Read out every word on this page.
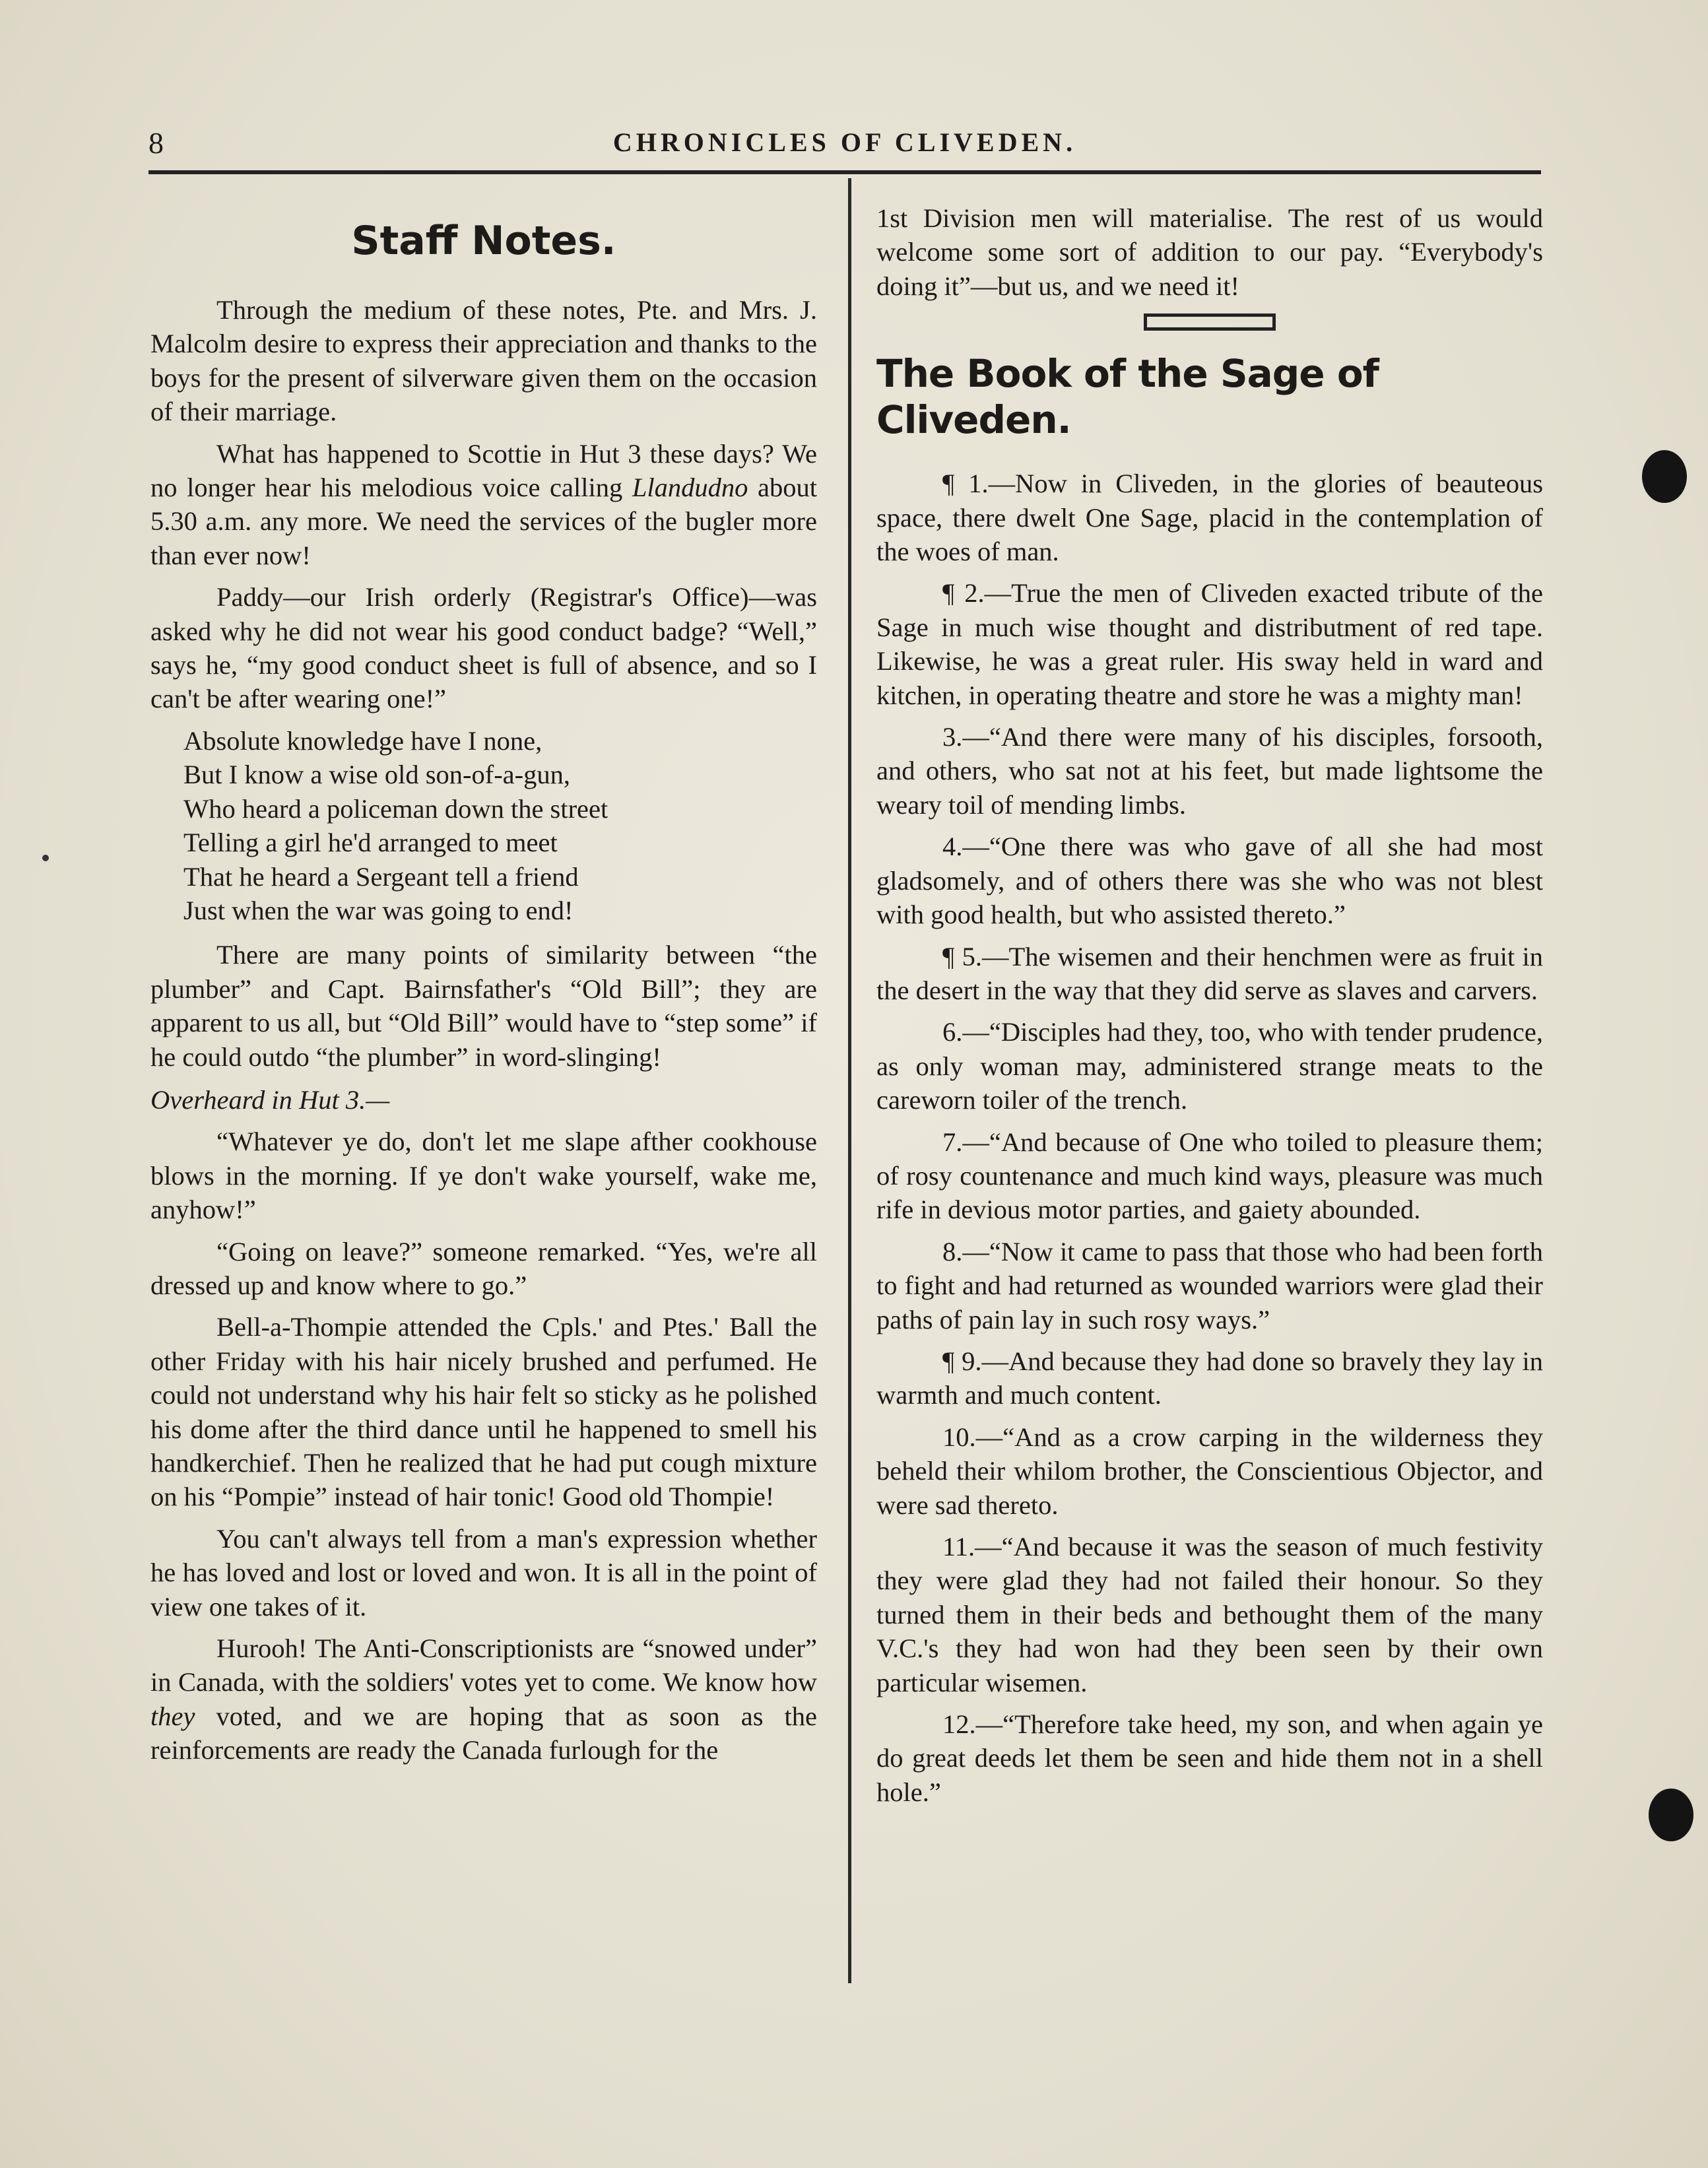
8	CHRONICLES OF CLIVEDEN.
Staff Notes.

Through the medium of these notes, Pte. and Mrs. J. Malcolm desire to express their appreciation and thanks to the boys for the present of silverware given them on the occasion of their marriage.

What has happened to Scottie in Hut 3 these days? We no longer hear his melodious voice calling Llandudno about 5.30 a.m. any more. We need the services of the bugler more than ever now!

Paddy—our Irish orderly (Registrar's Office)—was asked why he did not wear his good conduct badge? “Well,” says he, “my good conduct sheet is full of absence, and so I can't be after wearing one!”

Absolute knowledge have I none,
But I know a wise old son-of-a-gun,
Who heard a policeman down the street
Telling a girl he'd arranged to meet
That he heard a Sergeant tell a friend
Just when the war was going to end!

There are many points of similarity between “the plumber” and Capt. Bairnsfather's “Old Bill”; they are apparent to us all, but “Old Bill” would have to “step some” if he could outdo “the plumber” in word-slinging!

Overheard in Hut 3.—

“Whatever ye do, don't let me slape afther cookhouse blows in the morning. If ye don't wake yourself, wake me, anyhow!”

“Going on leave?” someone remarked. “Yes, we're all dressed up and know where to go.”

Bell-a-Thompie attended the Cpls.' and Ptes.' Ball the other Friday with his hair nicely brushed and perfumed. He could not understand why his hair felt so sticky as he polished his dome after the third dance until he happened to smell his handkerchief. Then he realized that he had put cough mixture on his “Pompie” instead of hair tonic! Good old Thompie!

You can't always tell from a man's expression whether he has loved and lost or loved and won. It is all in the point of view one takes of it.

Hurooh! The Anti-Conscriptionists are “snowed under” in Canada, with the soldiers' votes yet to come. We know how they voted, and we are hoping that as soon as the reinforcements are ready the Canada furlough for the

1st Division men will materialise. The rest of us would welcome some sort of addition to our pay. “Everybody's doing it”—but us, and we need it!

The Book of the Sage of Cliveden.

¶ 1.—Now in Cliveden, in the glories of beauteous space, there dwelt One Sage, placid in the contemplation of the woes of man.

¶ 2.—True the men of Cliveden exacted tribute of the Sage in much wise thought and distributment of red tape. Likewise, he was a great ruler. His sway held in ward and kitchen, in operating theatre and store he was a mighty man!

3.—“And there were many of his disciples, forsooth, and others, who sat not at his feet, but made lightsome the weary toil of mending limbs.

4.—“One there was who gave of all she had most gladsomely, and of others there was she who was not blest with good health, but who assisted thereto.”

¶ 5.—The wisemen and their henchmen were as fruit in the desert in the way that they did serve as slaves and carvers.

6.—“Disciples had they, too, who with tender prudence, as only woman may, administered strange meats to the careworn toiler of the trench.

7.—“And because of One who toiled to pleasure them; of rosy countenance and much kind ways, pleasure was much rife in devious motor parties, and gaiety abounded.

8.—“Now it came to pass that those who had been forth to fight and had returned as wounded warriors were glad their paths of pain lay in such rosy ways.”

¶ 9.—And because they had done so bravely they lay in warmth and much content.

10.—“And as a crow carping in the wilderness they beheld their whilom brother, the Conscientious Objector, and were sad thereto.

11.—“And because it was the season of much festivity they were glad they had not failed their honour. So they turned them in their beds and bethought them of the many V.C.'s they had won had they been seen by their own particular wisemen.

12.—“Therefore take heed, my son, and when again ye do great deeds let them be seen and hide them not in a shell hole.”
